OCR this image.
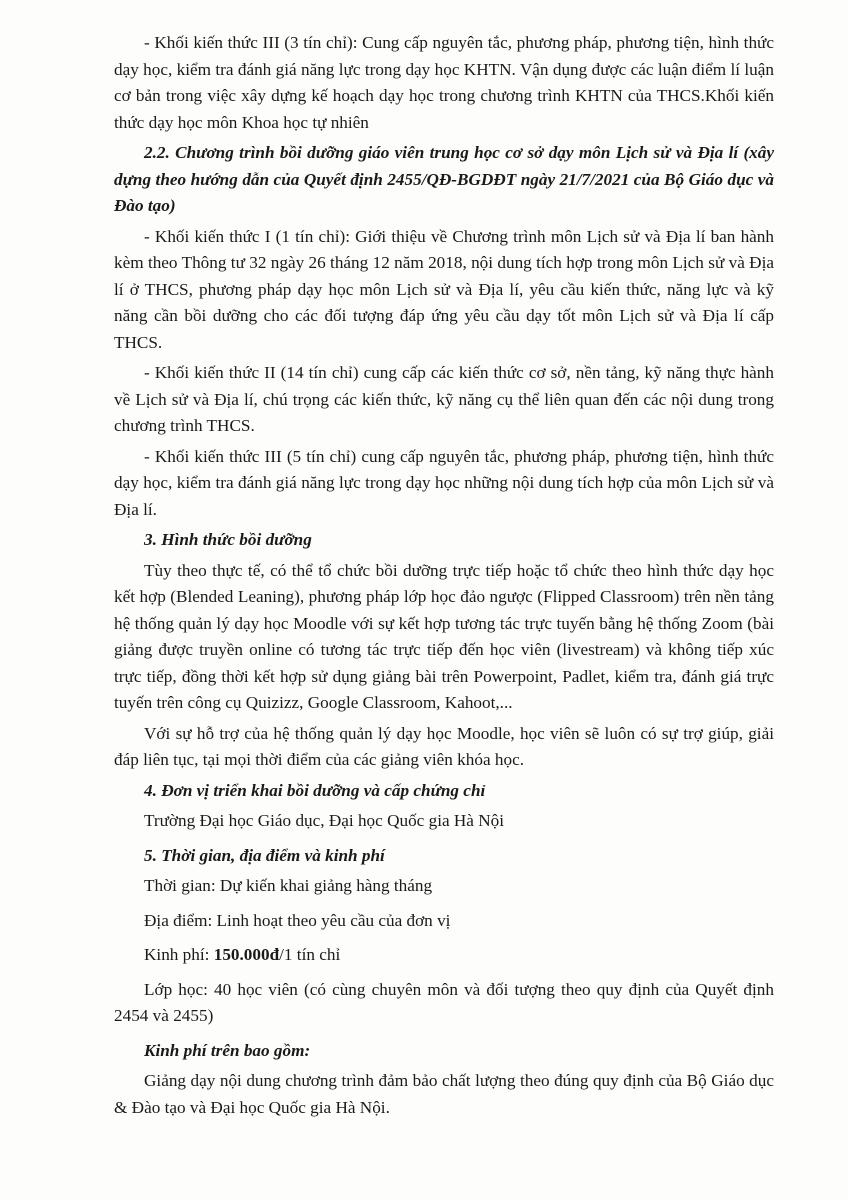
- Khối kiến thức III (3 tín chỉ): Cung cấp nguyên tắc, phương pháp, phương tiện, hình thức dạy học, kiểm tra đánh giá năng lực trong dạy học KHTN. Vận dụng được các luận điểm lí luận cơ bản trong việc xây dựng kế hoạch dạy học trong chương trình KHTN của THCS.Khối kiến thức dạy học môn Khoa học tự nhiên

2.2. Chương trình bồi dưỡng giáo viên trung học cơ sở dạy môn Lịch sử và Địa lí (xây dựng theo hướng dẫn của Quyết định 2455/QĐ-BGDĐT ngày 21/7/2021 của Bộ Giáo dục và Đào tạo)

- Khối kiến thức I (1 tín chỉ): Giới thiệu về Chương trình môn Lịch sử và Địa lí ban hành kèm theo Thông tư 32 ngày 26 tháng 12 năm 2018, nội dung tích hợp trong môn Lịch sử và Địa lí ở THCS, phương pháp dạy học môn Lịch sử và Địa lí, yêu cầu kiến thức, năng lực và kỹ năng cần bồi dưỡng cho các đối tượng đáp ứng yêu cầu dạy tốt môn Lịch sử và Địa lí cấp THCS.

- Khối kiến thức II (14 tín chỉ) cung cấp các kiến thức cơ sở, nền tảng, kỹ năng thực hành về Lịch sử và Địa lí, chú trọng các kiến thức, kỹ năng cụ thể liên quan đến các nội dung trong chương trình THCS.

- Khối kiến thức III (5 tín chỉ) cung cấp nguyên tắc, phương pháp, phương tiện, hình thức dạy học, kiểm tra đánh giá năng lực trong dạy học những nội dung tích hợp của môn Lịch sử và Địa lí.

3. Hình thức bồi dưỡng

Tùy theo thực tế, có thể tổ chức bồi dưỡng trực tiếp hoặc tổ chức theo hình thức dạy học kết hợp (Blended Leaning), phương pháp lớp học đảo ngược (Flipped Classroom) trên nền tảng hệ thống quản lý dạy học Moodle với sự kết hợp tương tác trực tuyến bằng hệ thống Zoom (bài giảng được truyền online có tương tác trực tiếp đến học viên (livestream) và không tiếp xúc trực tiếp, đồng thời kết hợp sử dụng giảng bài trên Powerpoint, Padlet, kiểm tra, đánh giá trực tuyến trên công cụ Quizizz, Google Classroom, Kahoot,...

Với sự hỗ trợ của hệ thống quản lý dạy học Moodle, học viên sẽ luôn có sự trợ giúp, giải đáp liên tục, tại mọi thời điểm của các giảng viên khóa học.

4. Đơn vị triển khai bồi dưỡng và cấp chứng chỉ

Trường Đại học Giáo dục, Đại học Quốc gia Hà Nội

5. Thời gian, địa điểm và kinh phí

Thời gian: Dự kiến khai giảng hàng tháng

Địa điểm: Linh hoạt theo yêu cầu của đơn vị

Kinh phí: 150.000đ/1 tín chỉ

Lớp học: 40 học viên (có cùng chuyên môn và đối tượng theo quy định của Quyết định 2454 và 2455)

Kinh phí trên bao gồm:

Giảng dạy nội dung chương trình đảm bảo chất lượng theo đúng quy định của Bộ Giáo dục & Đào tạo và Đại học Quốc gia Hà Nội.
